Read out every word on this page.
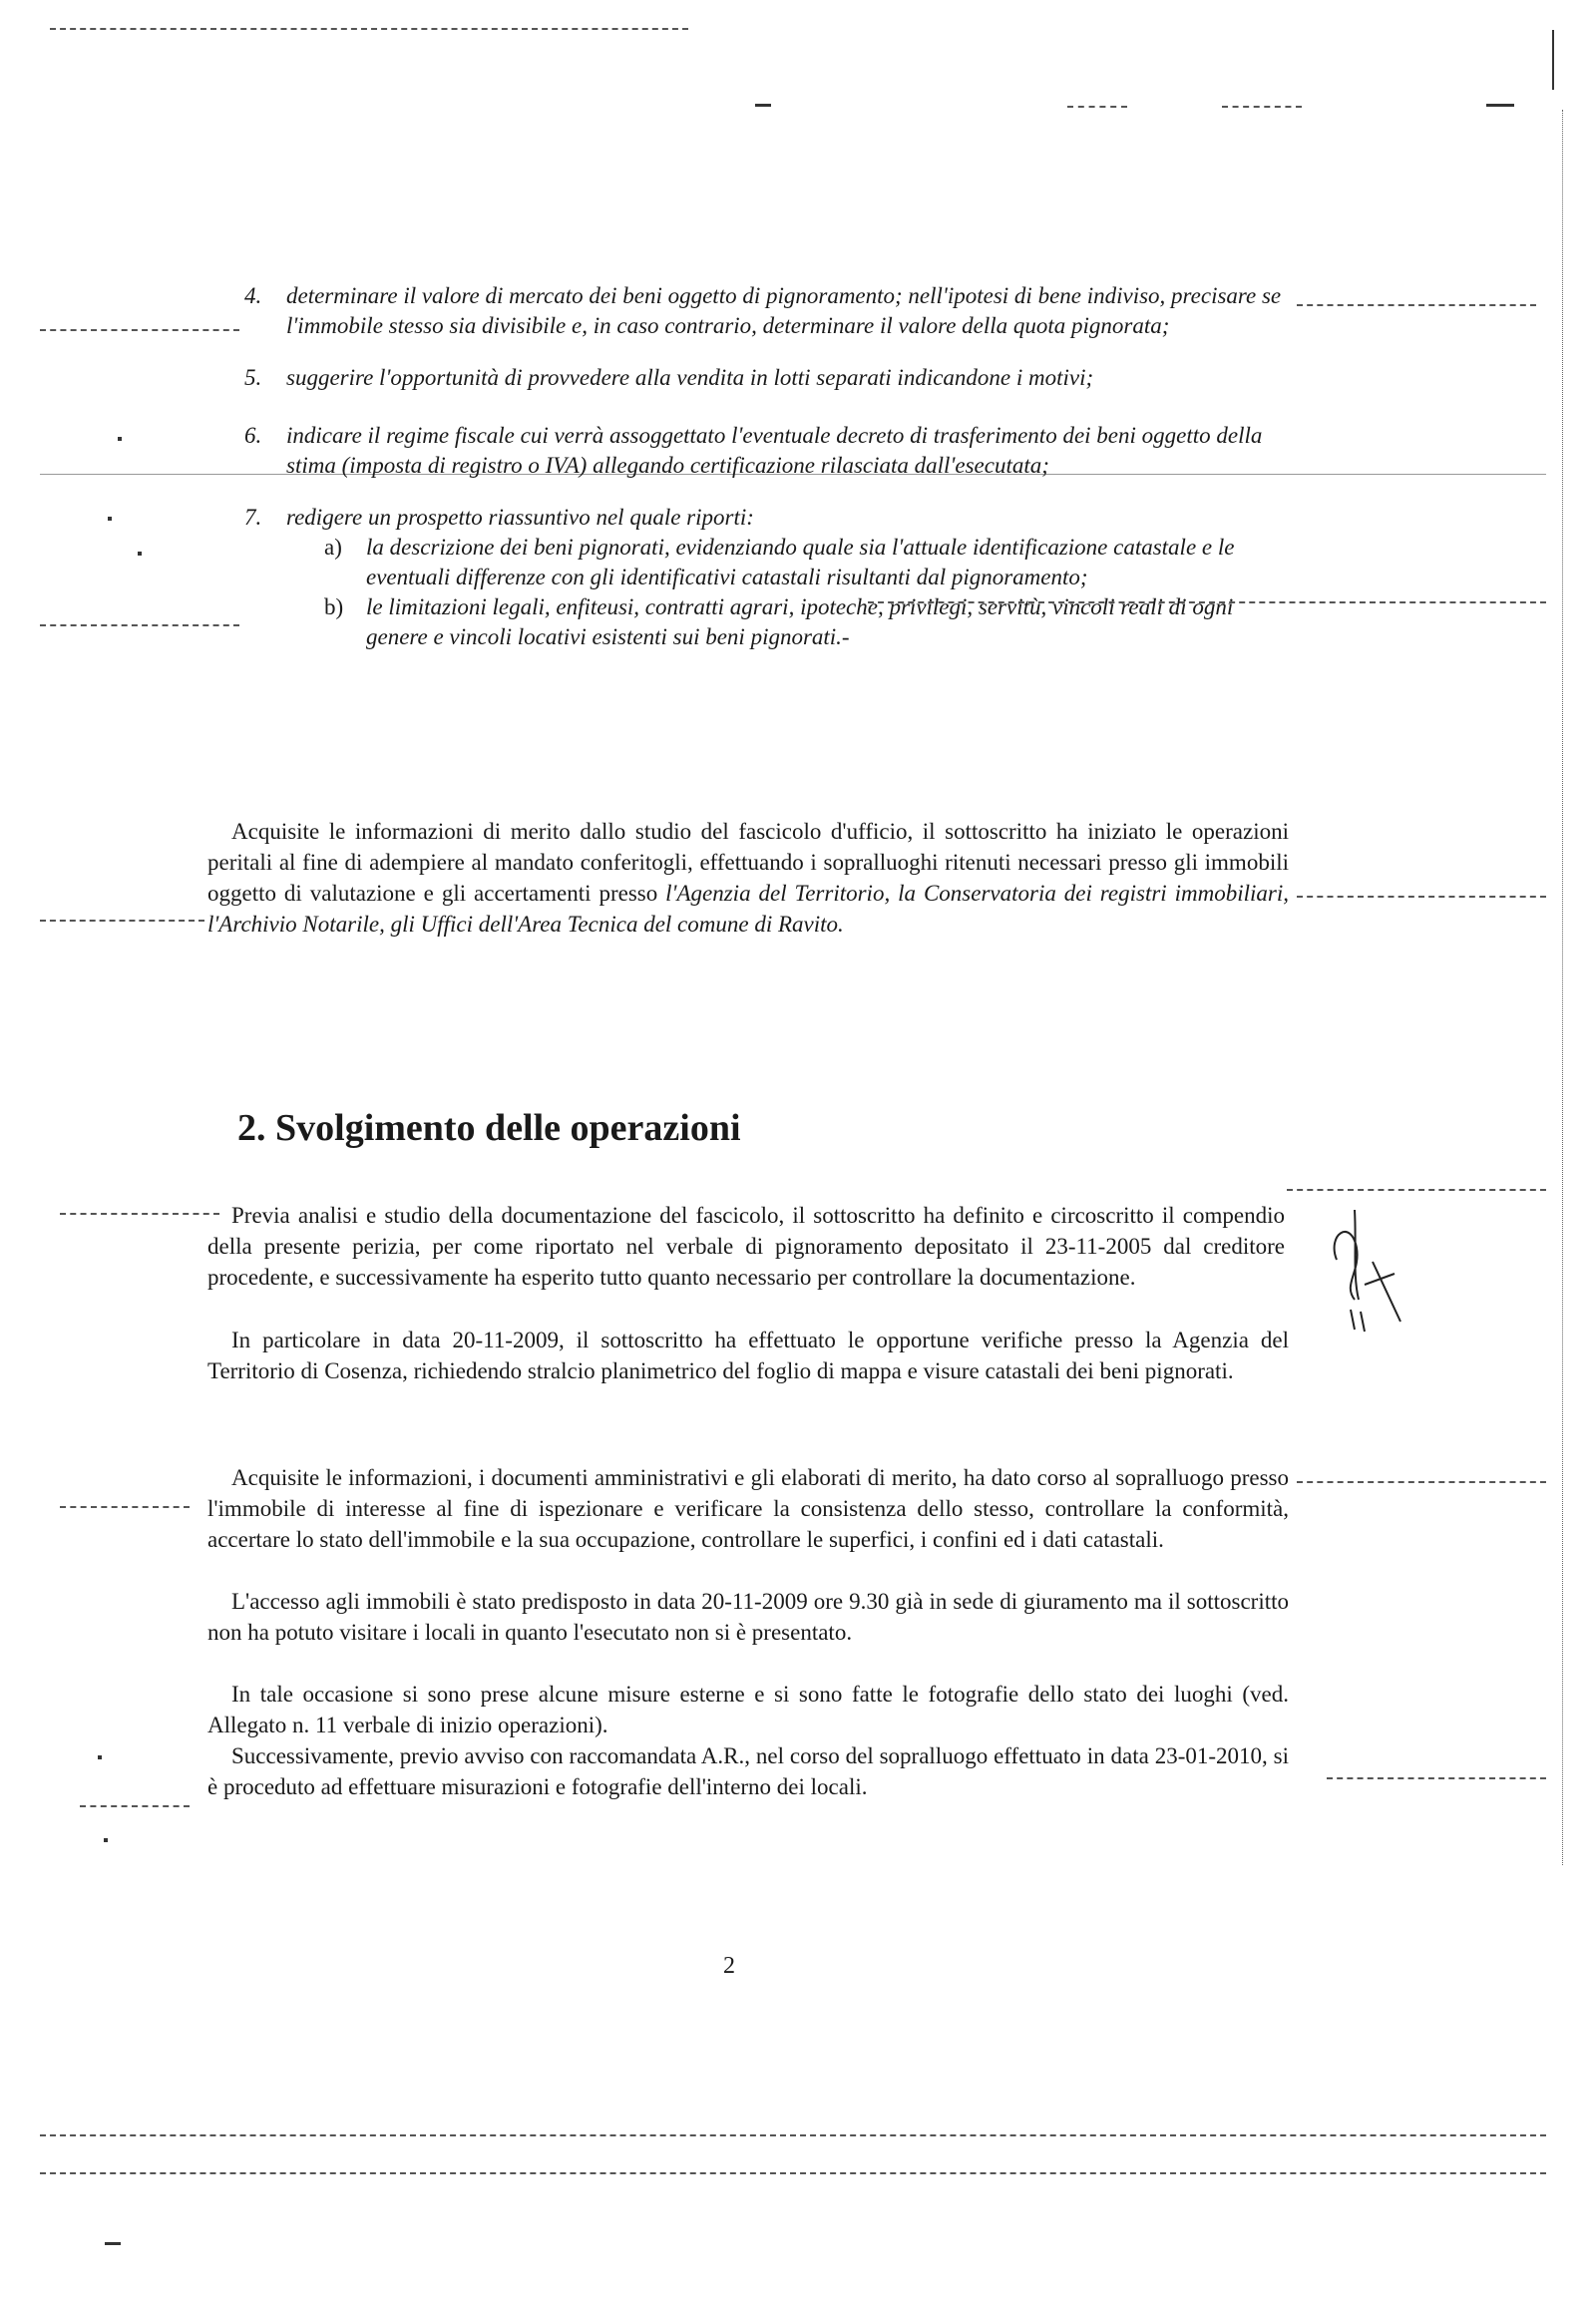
4. determinare il valore di mercato dei beni oggetto di pignoramento; nell'ipotesi di bene indiviso, precisare se l'immobile stesso sia divisibile e, in caso contrario, determinare il valore della quota pignorata;
5. suggerire l'opportunità di provvedere alla vendita in lotti separati indicandone i motivi;
6. indicare il regime fiscale cui verrà assoggettato l'eventuale decreto di trasferimento dei beni oggetto della stima (imposta di registro o IVA) allegando certificazione rilasciata dall'esecutata;
7. redigere un prospetto riassuntivo nel quale riporti:
a) la descrizione dei beni pignorati, evidenziando quale sia l'attuale identificazione catastale e le eventuali differenze con gli identificativi catastali risultanti dal pignoramento;
b) le limitazioni legali, enfiteusi, contratti agrari, ipoteche, privilegi, servitù, vincoli reali di ogni genere e vincoli locativi esistenti sui beni pignorati.-

Acquisite le informazioni di merito dallo studio del fascicolo d'ufficio, il sottoscritto ha iniziato le operazioni peritali al fine di adempiere al mandato conferitogli, effettuando i sopralluoghi ritenuti necessari presso gli immobili oggetto di valutazione e gli accertamenti presso l'Agenzia del Territorio, la Conservatoria dei registri immobiliari, l'Archivio Notarile, gli Uffici dell'Area Tecnica del comune di Ravito.

2. Svolgimento delle operazioni

Previa analisi e studio della documentazione del fascicolo, il sottoscritto ha definito e circoscritto il compendio della presente perizia, per come riportato nel verbale di pignoramento depositato il 23-11-2005 dal creditore procedente, e successivamente ha esperito tutto quanto necessario per controllare la documentazione.

In particolare in data 20-11-2009, il sottoscritto ha effettuato le opportune verifiche presso la Agenzia del Territorio di Cosenza, richiedendo stralcio planimetrico del foglio di mappa e visure catastali dei beni pignorati.

Acquisite le informazioni, i documenti amministrativi e gli elaborati di merito, ha dato corso al sopralluogo presso l'immobile di interesse al fine di ispezionare e verificare la consistenza dello stesso, controllare la conformità, accertare lo stato dell'immobile e la sua occupazione, controllare le superfici, i confini ed i dati catastali.

L'accesso agli immobili è stato predisposto in data 20-11-2009 ore 9.30 già in sede di giuramento ma il sottoscritto non ha potuto visitare i locali in quanto l'esecutato non si è presentato.

In tale occasione si sono prese alcune misure esterne e si sono fatte le fotografie dello stato dei luoghi (ved. Allegato n. 11 verbale di inizio operazioni).

Successivamente, previo avviso con raccomandata A.R., nel corso del sopralluogo effettuato in data 23-01-2010, si è proceduto ad effettuare misurazioni e fotografie dell'interno dei locali.

2
